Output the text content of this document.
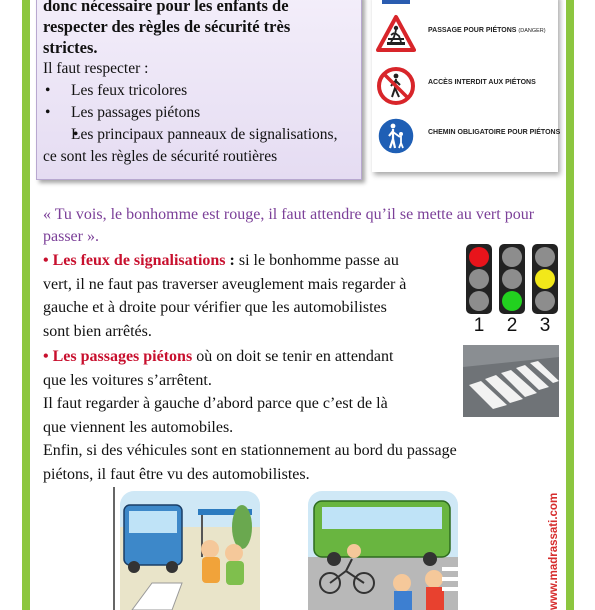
donc nécessaire pour les enfants de
respecter des règles de sécurité très
strictes.
Il faut respecter :
• Les feux tricolores
• Les passages piétons
• Les principaux panneaux de signalisations, ce sont les règles de sécurité routières
PASSAGE POUR PIÉTONS (DANGER)
ACCÈS INTERDIT AUX PIÉTONS
CHEMIN OBLIGATOIRE POUR PIÉTONS
« Tu vois, le bonhomme est rouge, il faut attendre qu’il se mette au vert pour passer ».
• Les feux de signalisations : si le bonhomme passe au
vert, il ne faut pas traverser aveuglement mais regarder à
gauche et à droite pour vérifier que les automobilistes
sont bien arrêtés.	1	2	3
• Les passages piétons où on doit se tenir en attendant
que les voitures s’arrêtent.
Il faut regarder à gauche d’abord parce que c’est de là
que viennent les automobiles.
Enfin, si des véhicules sont en stationnement au bord du passage
piétons, il faut être vu des automobilistes.
www.madrassati.com
